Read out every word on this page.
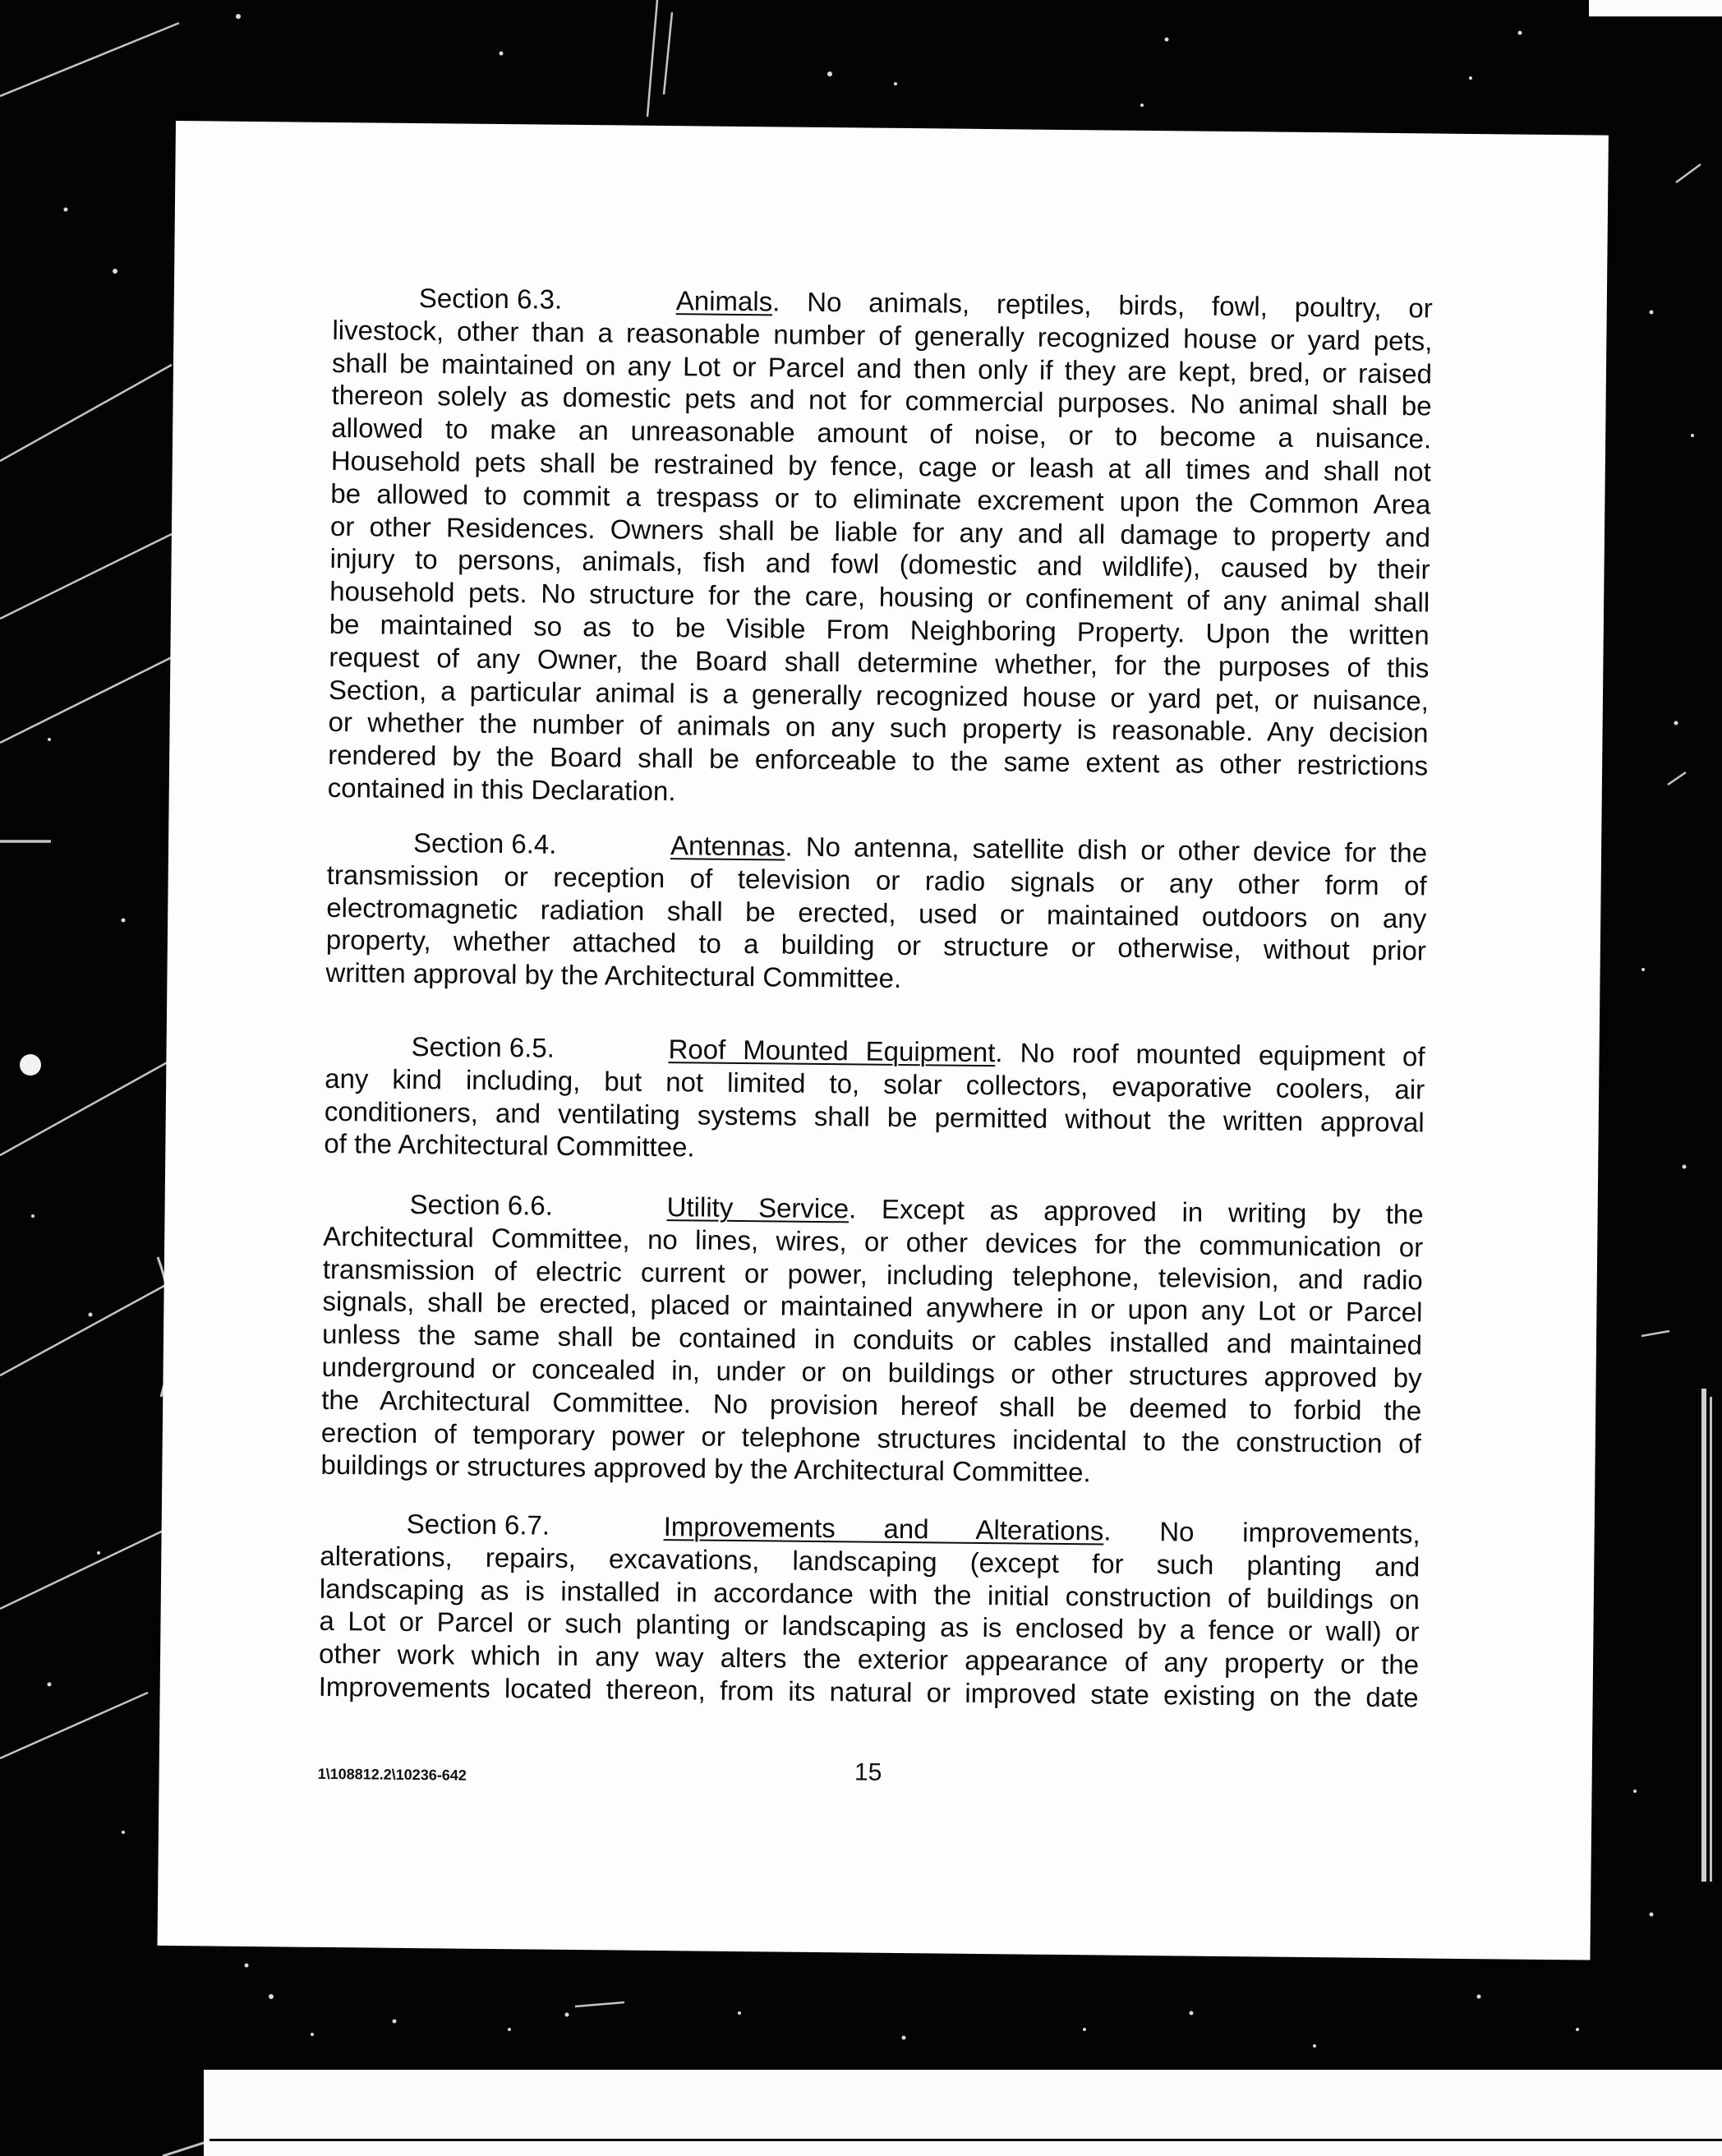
Section 6.3.	Animals. No animals, reptiles, birds, fowl, poultry, or
livestock, other than a reasonable number of generally recognized house or yard pets,
shall be maintained on any Lot or Parcel and then only if they are kept, bred, or raised
thereon solely as domestic pets and not for commercial purposes. No animal shall be
allowed to make an unreasonable amount of noise, or to become a nuisance.
Household pets shall be restrained by fence, cage or leash at all times and shall not
be allowed to commit a trespass or to eliminate excrement upon the Common Area
or other Residences. Owners shall be liable for any and all damage to property and
injury to persons, animals, fish and fowl (domestic and wildlife), caused by their
household pets. No structure for the care, housing or confinement of any animal shall
be maintained so as to be Visible From Neighboring Property. Upon the written
request of any Owner, the Board shall determine whether, for the purposes of this
Section, a particular animal is a generally recognized house or yard pet, or nuisance,
or whether the number of animals on any such property is reasonable. Any decision
rendered by the Board shall be enforceable to the same extent as other restrictions
contained in this Declaration.
Section 6.4.	Antennas. No antenna, satellite dish or other device for the
transmission or reception of television or radio signals or any other form of
electromagnetic radiation shall be erected, used or maintained outdoors on any
property, whether attached to a building or structure or otherwise, without prior
written approval by the Architectural Committee.
Section 6.5.	Roof Mounted Equipment. No roof mounted equipment of
any kind including, but not limited to, solar collectors, evaporative coolers, air
conditioners, and ventilating systems shall be permitted without the written approval
of the Architectural Committee.
Section 6.6.	Utility Service. Except as approved in writing by the
Architectural Committee, no lines, wires, or other devices for the communication or
transmission of electric current or power, including telephone, television, and radio
signals, shall be erected, placed or maintained anywhere in or upon any Lot or Parcel
unless the same shall be contained in conduits or cables installed and maintained
underground or concealed in, under or on buildings or other structures approved by
the Architectural Committee. No provision hereof shall be deemed to forbid the
erection of temporary power or telephone structures incidental to the construction of
buildings or structures approved by the Architectural Committee.
Section 6.7.	Improvements and Alterations. No improvements,
alterations, repairs, excavations, landscaping (except for such planting and
landscaping as is installed in accordance with the initial construction of buildings on
a Lot or Parcel or such planting or landscaping as is enclosed by a fence or wall) or
other work which in any way alters the exterior appearance of any property or the
Improvements located thereon, from its natural or improved state existing on the date
1\108812.2\10236-642	15
